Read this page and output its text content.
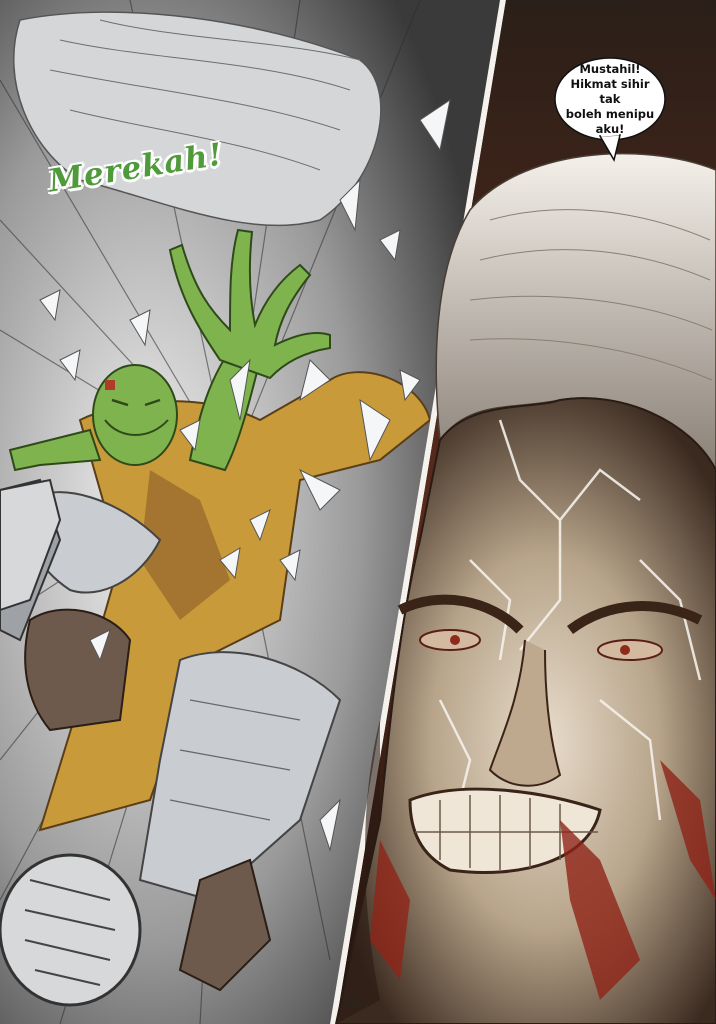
Merekah!
Mustahil!
Hikmat sihir tak
boleh menipu
aku!
25
